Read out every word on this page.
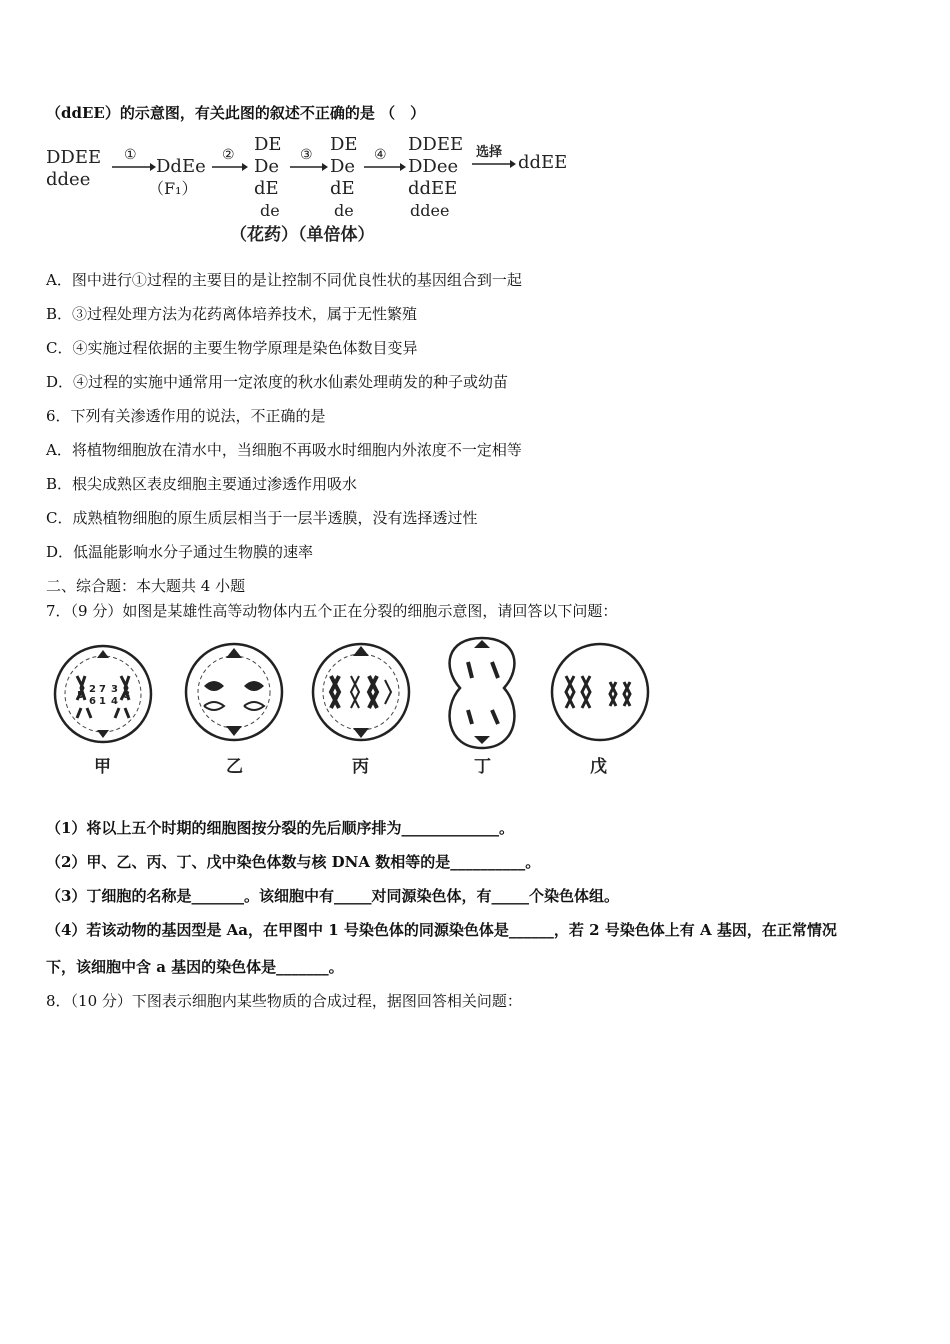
（ddEE）的示意图，有关此图的叙述不正确的是 （　）
DDEE
ddee
①
DdEe
（F₁）
② DE
De
dE
de
③ DE
De
dE
de
④ DDEE
DDee
ddEE
ddee
选择 ddEE
（花药）（单倍体）
A．图中进行①过程的主要目的是让控制不同优良性状的基因组合到一起
B．③过程处理方法为花药离体培养技术，属于无性繁殖
C．④实施过程依据的主要生物学原理是染色体数目变异
D．④过程的实施中通常用一定浓度的秋水仙素处理萌发的种子或幼苗
6．下列有关渗透作用的说法，不正确的是
A．将植物细胞放在清水中，当细胞不再吸水时细胞内外浓度不一定相等
B．根尖成熟区表皮细胞主要通过渗透作用吸水
C．成熟植物细胞的原生质层相当于一层半透膜，没有选择透过性
D．低温能影响水分子通过生物膜的速率
二、综合题：本大题共 4 小题
7．（9 分）如图是某雄性高等动物体内五个正在分裂的细胞示意图，请回答以下问题：
5
2
6
7
1
3
4
8
甲	乙	丙	丁	戊
（1）将以上五个时期的细胞图按分裂的先后顺序排为_____________。
（2）甲、乙、丙、丁、戊中染色体数与核 DNA 数相等的是__________。
（3）丁细胞的名称是_______。该细胞中有_____对同源染色体，有_____个染色体组。
（4）若该动物的基因型是 Aa，在甲图中 1 号染色体的同源染色体是______，若 2 号染色体上有 A 基因，在正常情况
下，该细胞中含 a 基因的染色体是_______。
8．（10 分）下图表示细胞内某些物质的合成过程，据图回答相关问题：
